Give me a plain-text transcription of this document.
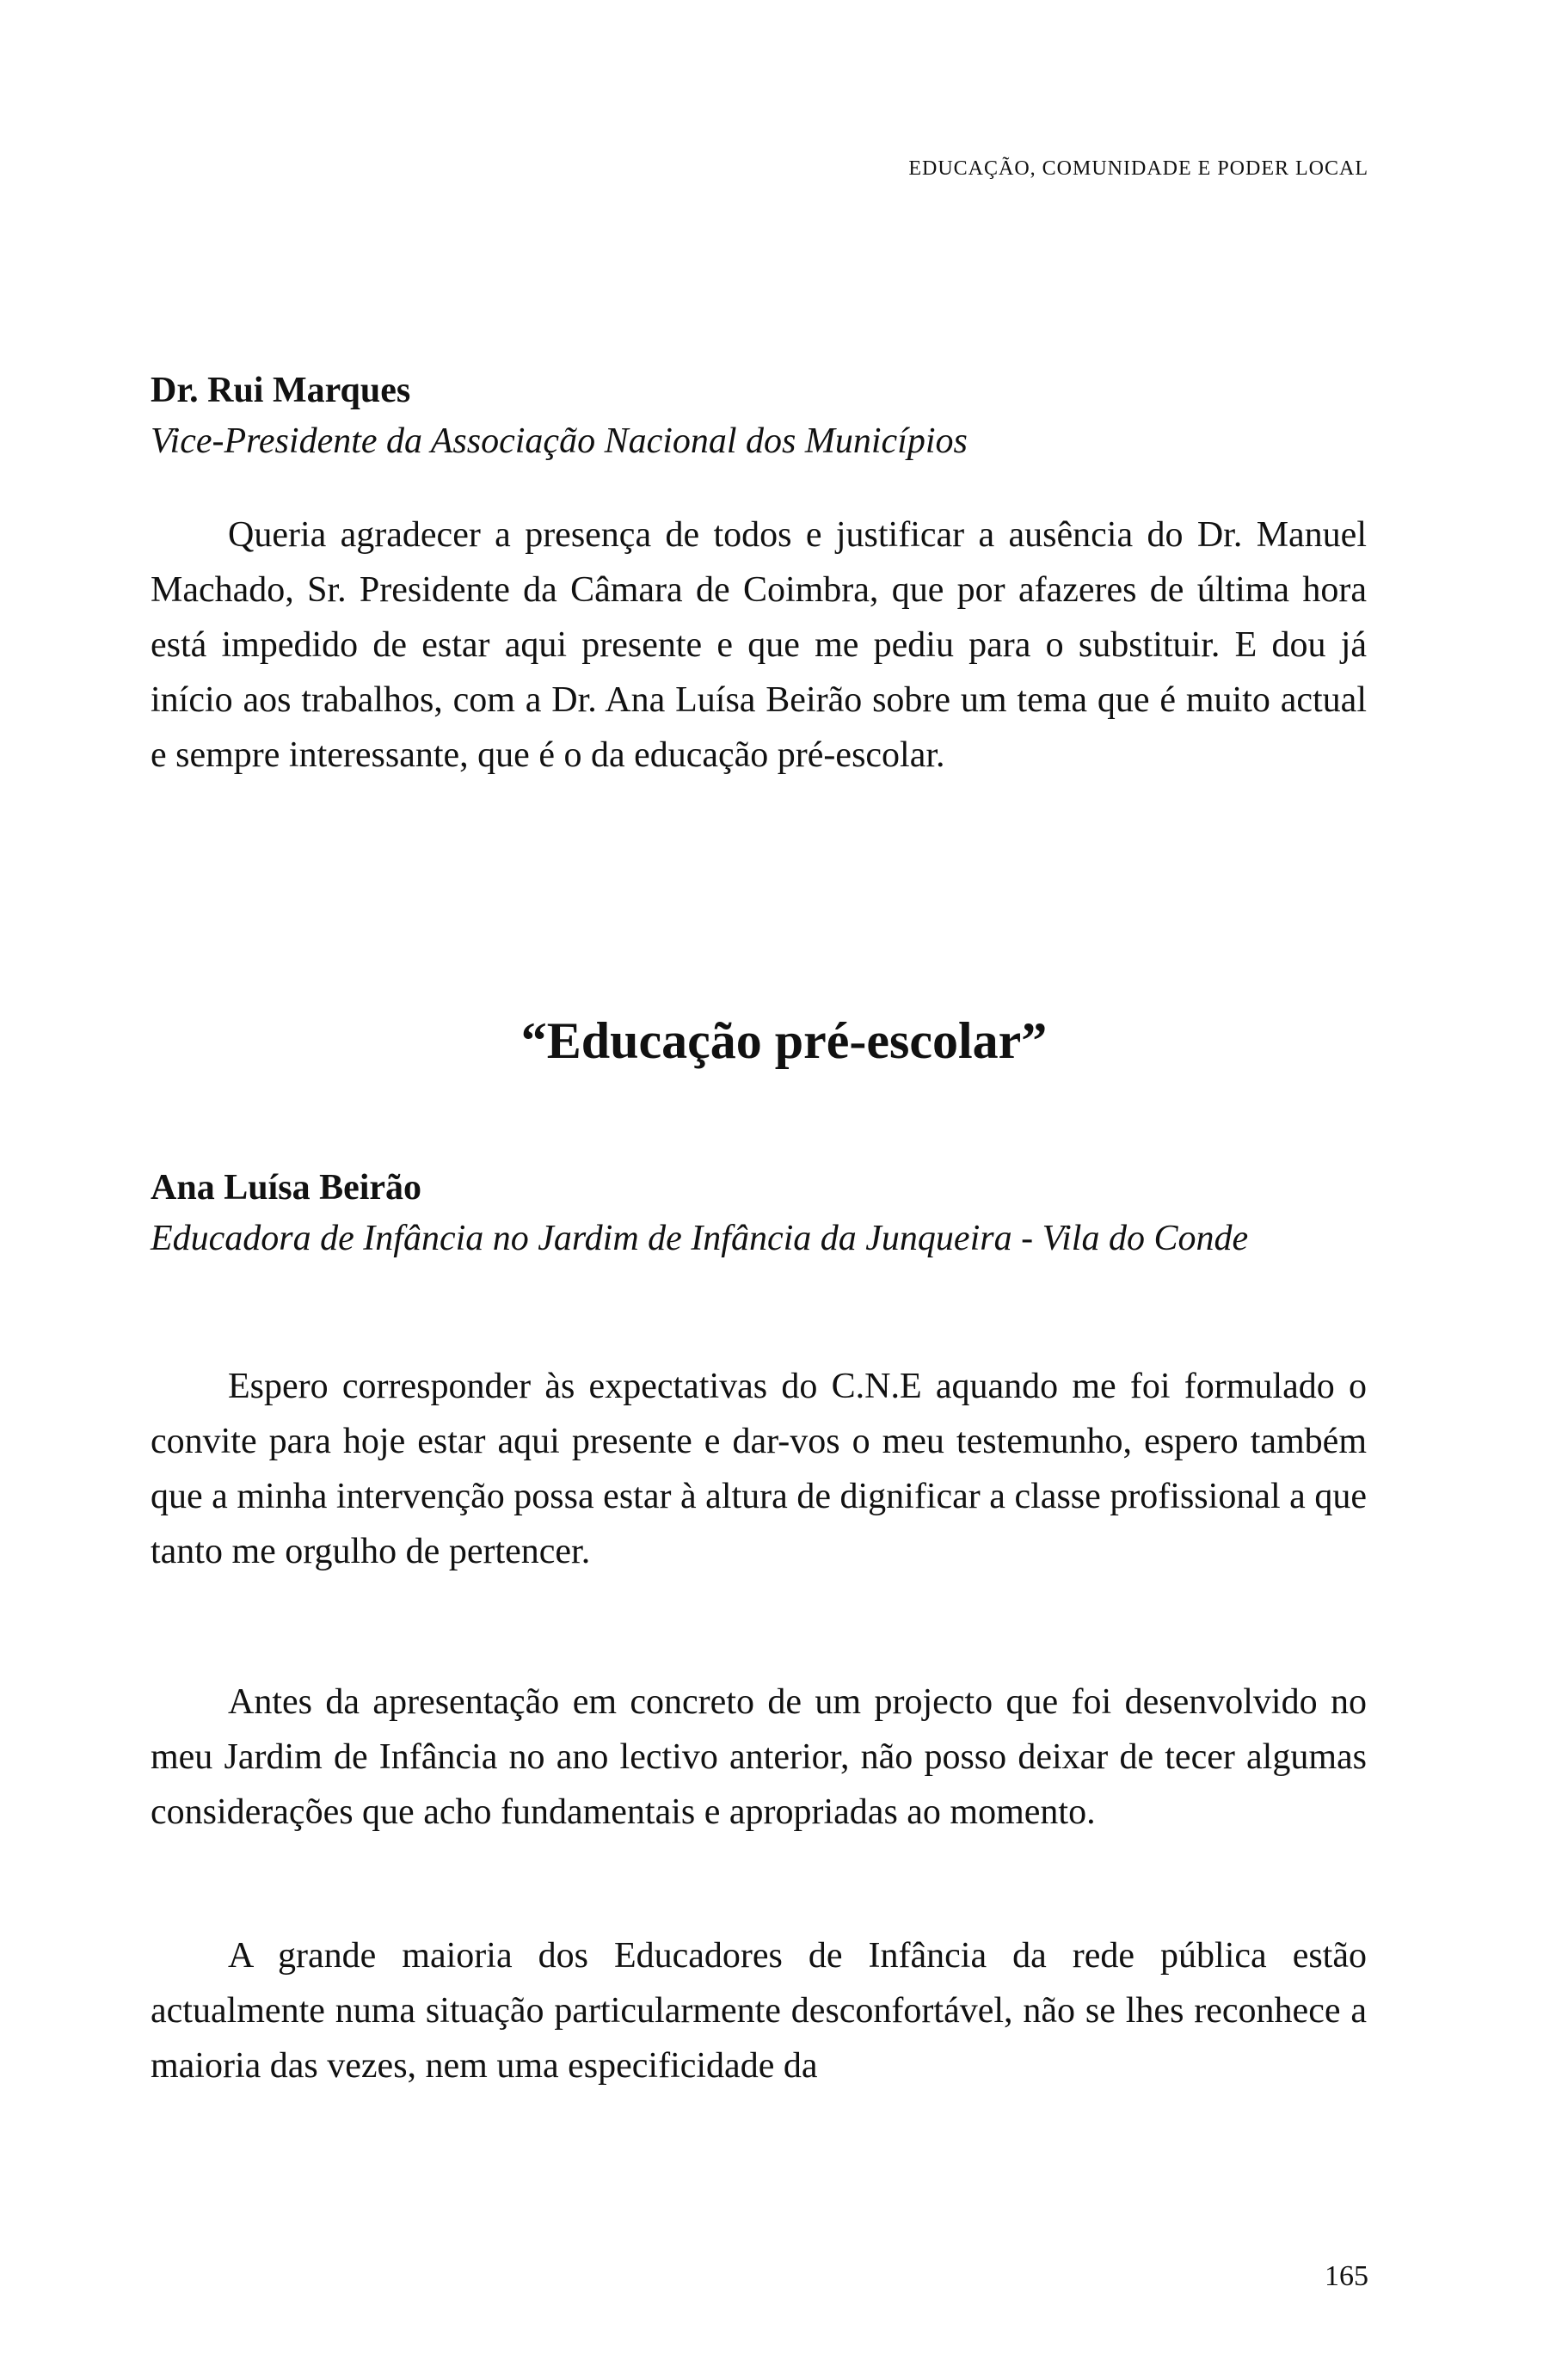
EDUCAÇÃO, COMUNIDADE E PODER LOCAL

Dr. Rui Marques

Vice-Presidente da Associação Nacional dos Municípios

Queria agradecer a presença de todos e justificar a ausência do Dr. Manuel Machado, Sr. Presidente da Câmara de Coimbra, que por afazeres de última hora está impedido de estar aqui presente e que me pediu para o substituir. E dou já início aos trabalhos, com a Dr. Ana Luísa Beirão sobre um tema que é muito actual e sempre interessante, que é o da educação pré-escolar.

“Educação pré-escolar”

Ana Luísa Beirão

Educadora de Infância no Jardim de Infância da Junqueira - Vila do Conde

Espero corresponder às expectativas do C.N.E aquando me foi formulado o convite para hoje estar aqui presente e dar-vos o meu testemunho, espero também que a minha intervenção possa estar à altura de dignificar a classe profissional a que tanto me orgulho de pertencer.

Antes da apresentação em concreto de um projecto que foi desenvolvido no meu Jardim de Infância no ano lectivo anterior, não posso deixar de tecer algumas considerações que acho fundamentais e apropriadas ao momento.

A grande maioria dos Educadores de Infância da rede pública estão actualmente numa situação particularmente desconfortável, não se lhes reconhece a maioria das vezes, nem uma especificidade da

165
